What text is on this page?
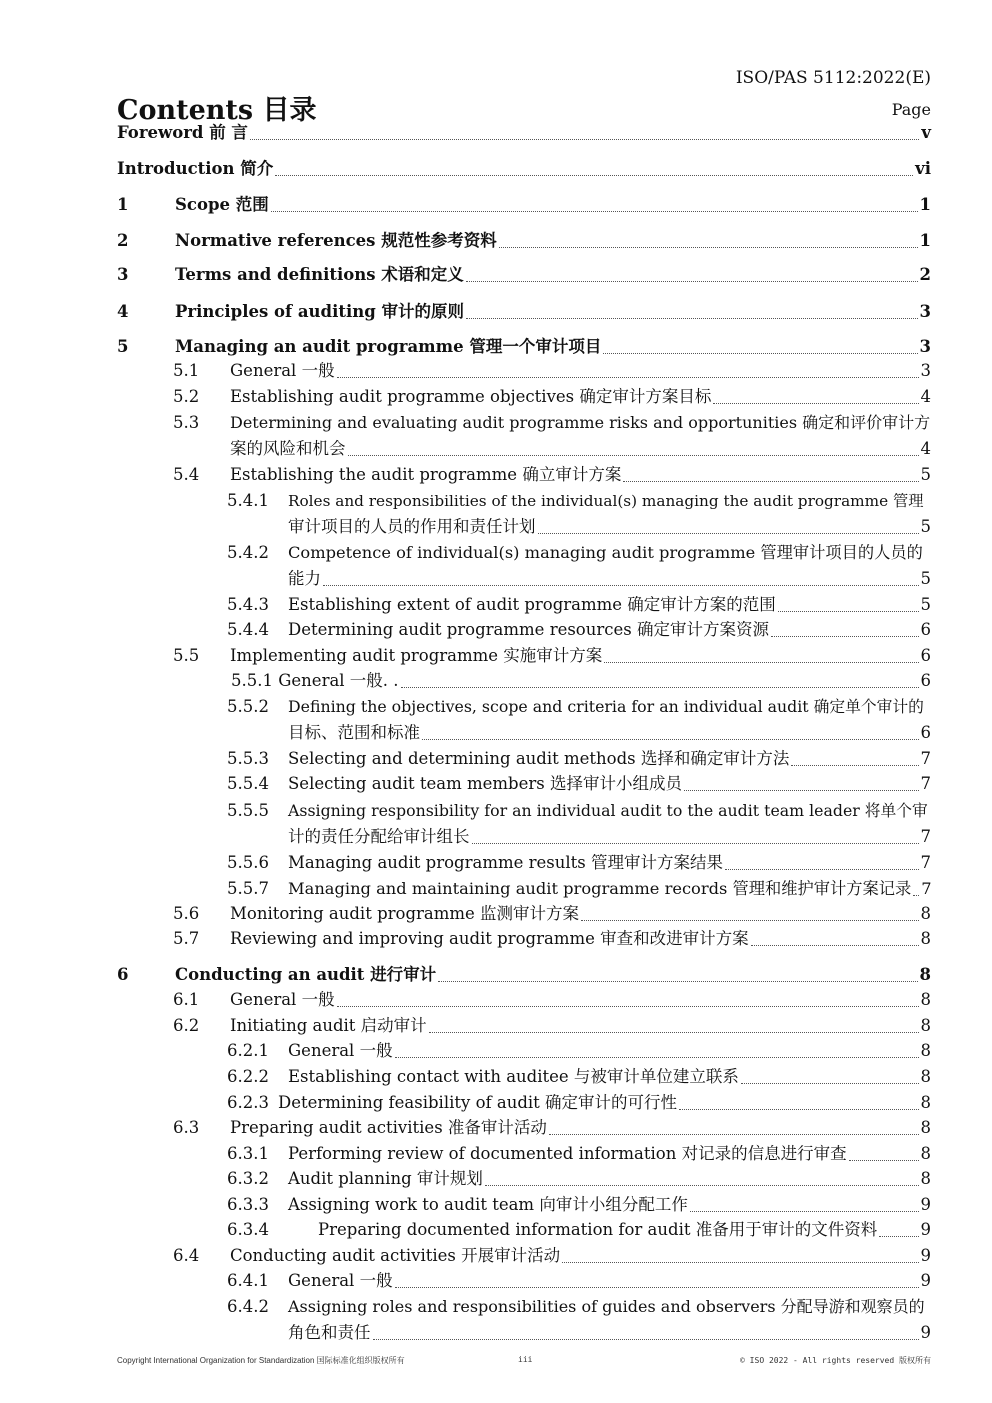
ISO/PAS 5112:2022(E)
Contents 目录	Page
Foreword 前 言	v
Introduction 简介	vi
1	Scope 范围	1
2	Normative references 规范性参考资料	1
3	Terms and definitions 术语和定义	2
4	Principles of auditing 审计的原则	3
5	Managing an audit programme 管理一个审计项目	3
5.1 General 一般	3
5.2 Establishing audit programme objectives 确定审计方案目标	4
5.3 Determining and evaluating audit programme risks and opportunities 确定和评价审计方
案的风险和机会	4
5.4 Establishing the audit programme 确立审计方案	5
5.4.1 Roles and responsibilities of the individual(s) managing the audit programme 管理
审计项目的人员的作用和责任计划	5
5.4.2 Competence of individual(s) managing audit programme 管理审计项目的人员的
能力	5
5.4.3 Establishing extent of audit programme 确定审计方案的范围	5
5.4.4 Determining audit programme resources 确定审计方案资源	6
5.5 Implementing audit programme 实施审计方案	6
5.5.1 General 一般. .	6
5.5.2 Defining the objectives, scope and criteria for an individual audit 确定单个审计的
目标、范围和标准	6
5.5.3 Selecting and determining audit methods 选择和确定审计方法	7
5.5.4 Selecting audit team members 选择审计小组成员	7
5.5.5 Assigning responsibility for an individual audit to the audit team leader 将单个审
计的责任分配给审计组长	7
5.5.6 Managing audit programme results 管理审计方案结果	7
5.5.7 Managing and maintaining audit programme records 管理和维护审计方案记录 7
5.6 Monitoring audit programme 监测审计方案	8
5.7 Reviewing and improving audit programme 审查和改进审计方案	8
6	Conducting an audit 进行审计	8
6.1 General 一般	8
6.2 Initiating audit 启动审计	8
6.2.1 General 一般	8
6.2.2 Establishing contact with auditee 与被审计单位建立联系	8
6.2.3 Determining feasibility of audit 确定审计的可行性	8
6.3 Preparing audit activities 准备审计活动	8
6.3.1 Performing review of documented information 对记录的信息进行审查	8
6.3.2 Audit planning 审计规划	8
6.3.3 Assigning work to audit team 向审计小组分配工作	9
6.3.4	Preparing documented information for audit 准备用于审计的文件资料	9
6.4 Conducting audit activities 开展审计活动	9
6.4.1 General 一般	9
6.4.2 Assigning roles and responsibilities of guides and observers 分配导游和观察员的
角色和责任	9
Copyright International Organization for Standardization 国际标准化组织版权所有	iii	© ISO 2022 - All rights reserved 版权所有
